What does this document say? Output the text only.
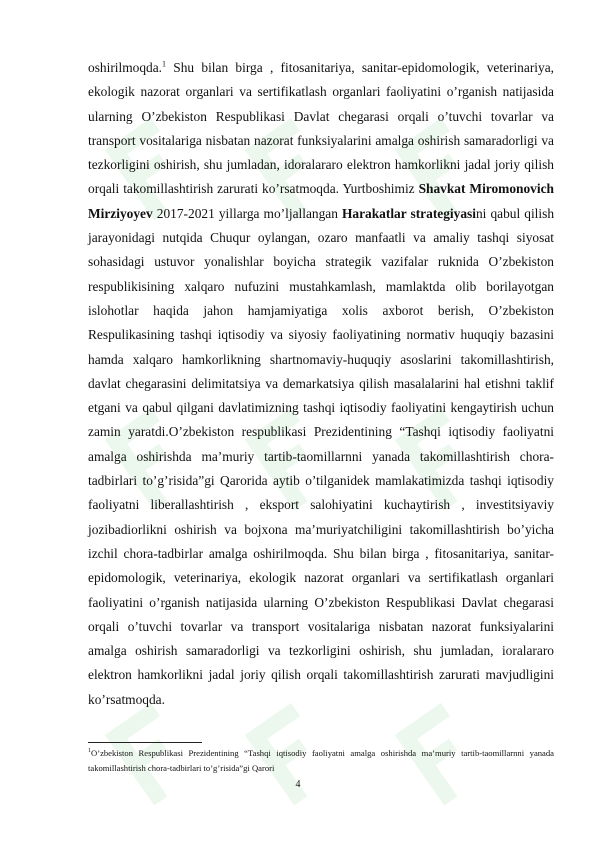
oshirilmoqda.$^1$ Shu bilan birga , fitosanitariya, sanitar-epidomologik, veterinariya, ekologik nazorat organlari va sertifikatlash organlari faoliyatini o’rganish natijasida ularning O’zbekiston Respublikasi Davlat chegarasi orqali o’tuvchi tovarlar va transport vositalariga nisbatan nazorat funksiyalarini amalga oshirish samaradorligi va tezkorligini oshirish, shu jumladan, idoralararo elektron hamkorlikni jadal joriy qilish orqali takomillashtirish zarurati ko’rsatmoqda. Yurtboshimiz Shavkat Miromonovich Mirziyoyev 2017-2021 yillarga mo’ljallangan Harakatlar strategiyasini qabul qilish jarayonidagi nutqida Chuqur oylangan, ozaro manfaatli va amaliy tashqi siyosat sohasidagi ustuvor yonalishlar boyicha strategik vazifalar ruknida O’zbekiston respublikisining xalqaro nufuzini mustahkamlash, mamlaktda olib borilayotgan islohotlar haqida jahon hamjamiyatiga xolis axborot berish, O’zbekiston Respulikasining tashqi iqtisodiy va siyosiy faoliyatining normativ huquqiy bazasini hamda xalqaro hamkorlikning shartnomaviy-huquqiy asoslarini takomillashtirish, davlat chegarasini delimitatsiya va demarkatsiya qilish masalalarini hal etishni taklif etgani va qabul qilgani davlatimizning tashqi iqtisodiy faoliyatini kengaytirish uchun zamin yaratdi.O’zbekiston respublikasi Prezidentining “Tashqi iqtisodiy faoliyatni amalga oshirishda ma’muriy tartib-taomillarnni yanada takomillashtirish chora-tadbirlari to’g’risida”gi Qarorida aytib o’tilganidek mamlakatimizda tashqi iqtisodiy faoliyatni liberallashtirish , eksport salohiyatini kuchaytirish , investitsiyaviy jozibadiorlikni oshirish va bojxona ma’muriyatchiligini takomillashtirish bo’yicha izchil chora-tadbirlar amalga oshirilmoqda. Shu bilan birga , fitosanitariya, sanitar-epidomologik, veterinariya, ekologik nazorat organlari va sertifikatlash organlari faoliyatini o’rganish natijasida ularning O’zbekiston Respublikasi Davlat chegarasi orqali o’tuvchi tovarlar va transport vositalariga nisbatan nazorat funksiyalarini amalga oshirish samaradorligi va tezkorligini oshirish, shu jumladan, ioralararo elektron hamkorlikni jadal joriy qilish orqali takomillashtirish zarurati mavjudligini ko’rsatmoqda.

$^1$O’zbekiston Respublikasi Prezidentining “Tashqi iqtisodiy faoliyatni amalga oshirishda ma’muriy tartib-taomillarnni yanada takomillashtirish chora-tadbirlari to’g’risida”gi Qarori
4
